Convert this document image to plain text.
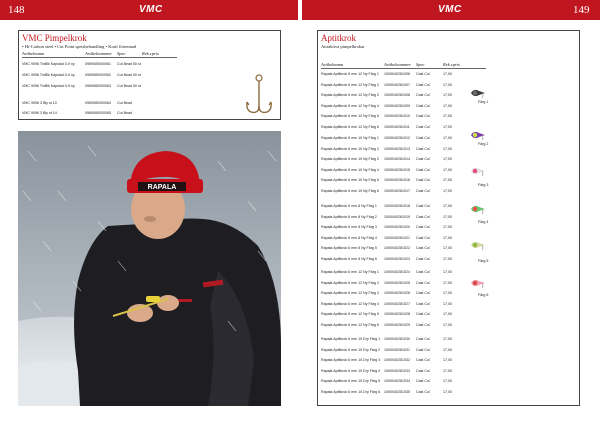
148	VMC	VMC	149
VMC Pimpelkrok
• Hi-Carbon steel • Cut Point spetsbehandling • Kraft förtennad
Artikelnamn	Artikelnummer Spec	Rek.cpris
VMC 9096 TinBlk Kapslad 0-9 ny	0969080000061 Cut Bead 50 st
VMC 9096 TinBlk Kapslad 0-9 ny	0969080000062 Cut Bead 50 st
VMC 9096 TinBlk Kapslad 0-9 ny	0969080000063 Cut Bead 50 st
VMC 9096 3 Bly st 10	0969080000064 Cut Bead
VMC 9096 3 Bly st 14	0969080000065 Cut Bead
RAPALA
Aptitkrok
Attraktiva pimpelkrokar
Artikelnamn	Artikelnummer Spec	Rek.cpris
Rapala Aptitkrok 6 mm 12 Ny Färg 1 1000040281006 Cast Col	17,00
Rapala Aptitkrok 6 mm 12 Ny Färg 2 1000040281007 Cast Col	17,00
Rapala Aptitkrok 6 mm 12 Ny Färg 3 1000040281008 Cast Col	17,00
Rapala Aptitkrok 6 mm 12 Ny Färg 4 1000040281009 Cast Col	17,00
Rapala Aptitkrok 6 mm 12 Ny Färg 5 1000040281010 Cast Col	17,00
Rapala Aptitkrok 6 mm 12 Ny Färg 6 1000040281011 Cast Col	17,00
Rapala Aptitkrok 6 mm 10 Ny Färg 1 1000040281012 Cast Col	17,00
Rapala Aptitkrok 6 mm 10 Ny Färg 2 1000040281013 Cast Col	17,00
Rapala Aptitkrok 6 mm 10 Ny Färg 3 1000040281014 Cast Col	17,00
Rapala Aptitkrok 6 mm 10 Ny Färg 4 1000040281015 Cast Col	17,00
Rapala Aptitkrok 6 mm 10 Ny Färg 5 1000040281016 Cast Col	17,00
Rapala Aptitkrok 6 mm 10 Ny Färg 6 1000040281017 Cast Col	17,00
Rapala Aptitkrok 6 mm 8 Ny Färg 1 1000040281018 Cast Col	17,00
Rapala Aptitkrok 6 mm 8 Ny Färg 2 1000040281019 Cast Col	17,00
Rapala Aptitkrok 6 mm 8 Ny Färg 3 1000040281020 Cast Col	17,00
Rapala Aptitkrok 6 mm 8 Ny Färg 4 1000040281021 Cast Col	17,00
Rapala Aptitkrok 6 mm 8 Ny Färg 5 1000040281022 Cast Col	17,00
Rapala Aptitkrok 6 mm 8 Ny Färg 6 1000040281023 Cast Col	17,00
Rapala Aptitkrok 6 mm 12 Ny Färg 1 1000040281024 Cast Col	17,00
Rapala Aptitkrok 6 mm 12 Ny Färg 2 1000040281025 Cast Col	17,00
Rapala Aptitkrok 6 mm 12 Ny Färg 3 1000040281026 Cast Col	17,00
Rapala Aptitkrok 6 mm 12 Ny Färg 4 1000040281027 Cast Col	17,00
Rapala Aptitkrok 6 mm 12 Ny Färg 5 1000040281028 Cast Col	17,00
Rapala Aptitkrok 6 mm 12 Ny Färg 6 1000040281029 Cast Col	17,00
Rapala Aptitkrok 6 mm 10 Dry Färg 1 1000040281030 Cast Col	17,00
Rapala Aptitkrok 6 mm 10 Dry Färg 2 1000040281031 Cast Col	17,00
Rapala Aptitkrok 6 mm 10 Dry Färg 3 1000040281032 Cast Col	17,00
Rapala Aptitkrok 6 mm 10 Dry Färg 4 1000040281033 Cast Col	17,00
Rapala Aptitkrok 6 mm 10 Dry Färg 5 1000040281034 Cast Col	17,00
Rapala Aptitkrok 6 mm 10 Dry Färg 6 1000040281035 Cast Col	17,00
Färg 1
Färg 2
Färg 3
Färg 4
Färg 5
Färg 6
